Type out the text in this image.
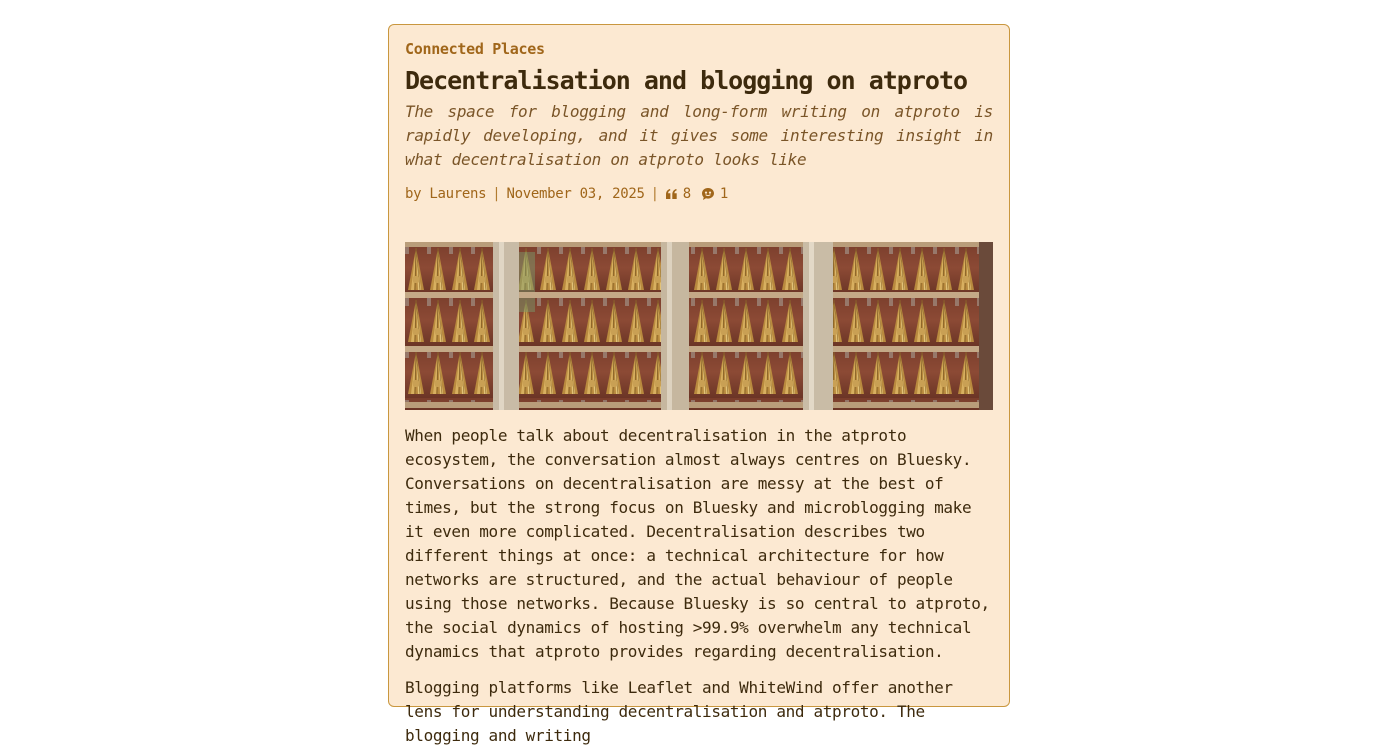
Connected Places
Decentralisation and blogging on atproto

The space for blogging and long-form writing on atproto is rapidly developing, and it gives some interesting insight in what decentralisation on atproto looks like

by Laurens | November 03, 2025 | 8 1

When people talk about decentralisation in the atproto ecosystem, the conversation almost always centres on Bluesky. Conversations on decentralisation are messy at the best of times, but the strong focus on Bluesky and microblogging make it even more complicated. Decentralisation describes two different things at once: a technical architecture for how networks are structured, and the actual behaviour of people using those networks. Because Bluesky is so central to atproto, the social dynamics of hosting >99.9% overwhelm any technical dynamics that atproto provides regarding decentralisation.

Blogging platforms like Leaflet and WhiteWind offer another lens for understanding decentralisation and atproto. The blogging and writing
